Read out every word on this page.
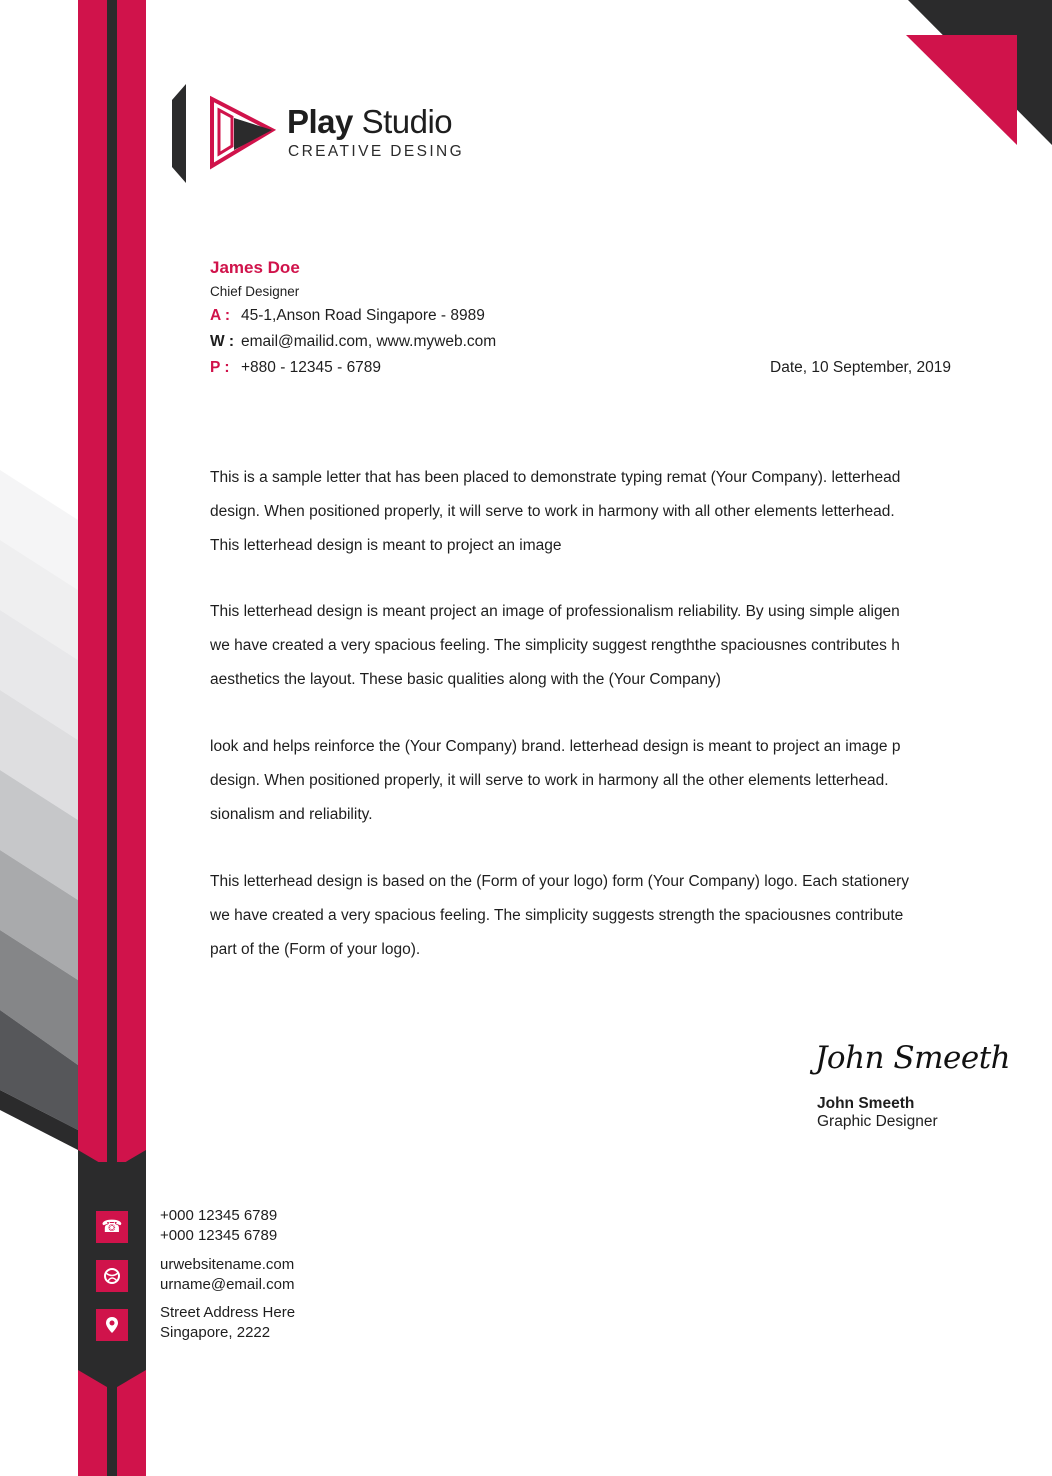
Play Studio
CREATIVE DESING
James Doe
Chief Designer
A : 45-1,Anson Road Singapore - 8989
W : email@mailid.com, www.myweb.com
P : +880 - 12345 - 6789	Date, 10 September, 2019
This is a sample letter that has been placed to demonstrate typing remat (Your Company). letterhead
design. When positioned properly, it will serve to work in harmony with all other elements letterhead.
This letterhead design is meant to project an image
This letterhead design is meant project an image of professionalism reliability. By using simple aligen
we have created a very spacious feeling. The simplicity suggest rengththe spaciousnes contributes h
aesthetics the layout. These basic qualities along with the (Your Company)
look and helps reinforce the (Your Company) brand. letterhead design is meant to project an image p
design. When positioned properly, it will serve to work in harmony all the other elements letterhead.
sionalism and reliability.
This letterhead design is based on the (Form of your logo) form (Your Company) logo. Each stationery
we have created a very spacious feeling. The simplicity suggests strength the spaciousnes contribute
part of the (Form of your logo).
John Smeeth
John Smeeth
Graphic Designer
☎
+000 12345 6789
+000 12345 6789
urwebsitename.com
urname@email.com
Street Address Here
Singapore, 2222
